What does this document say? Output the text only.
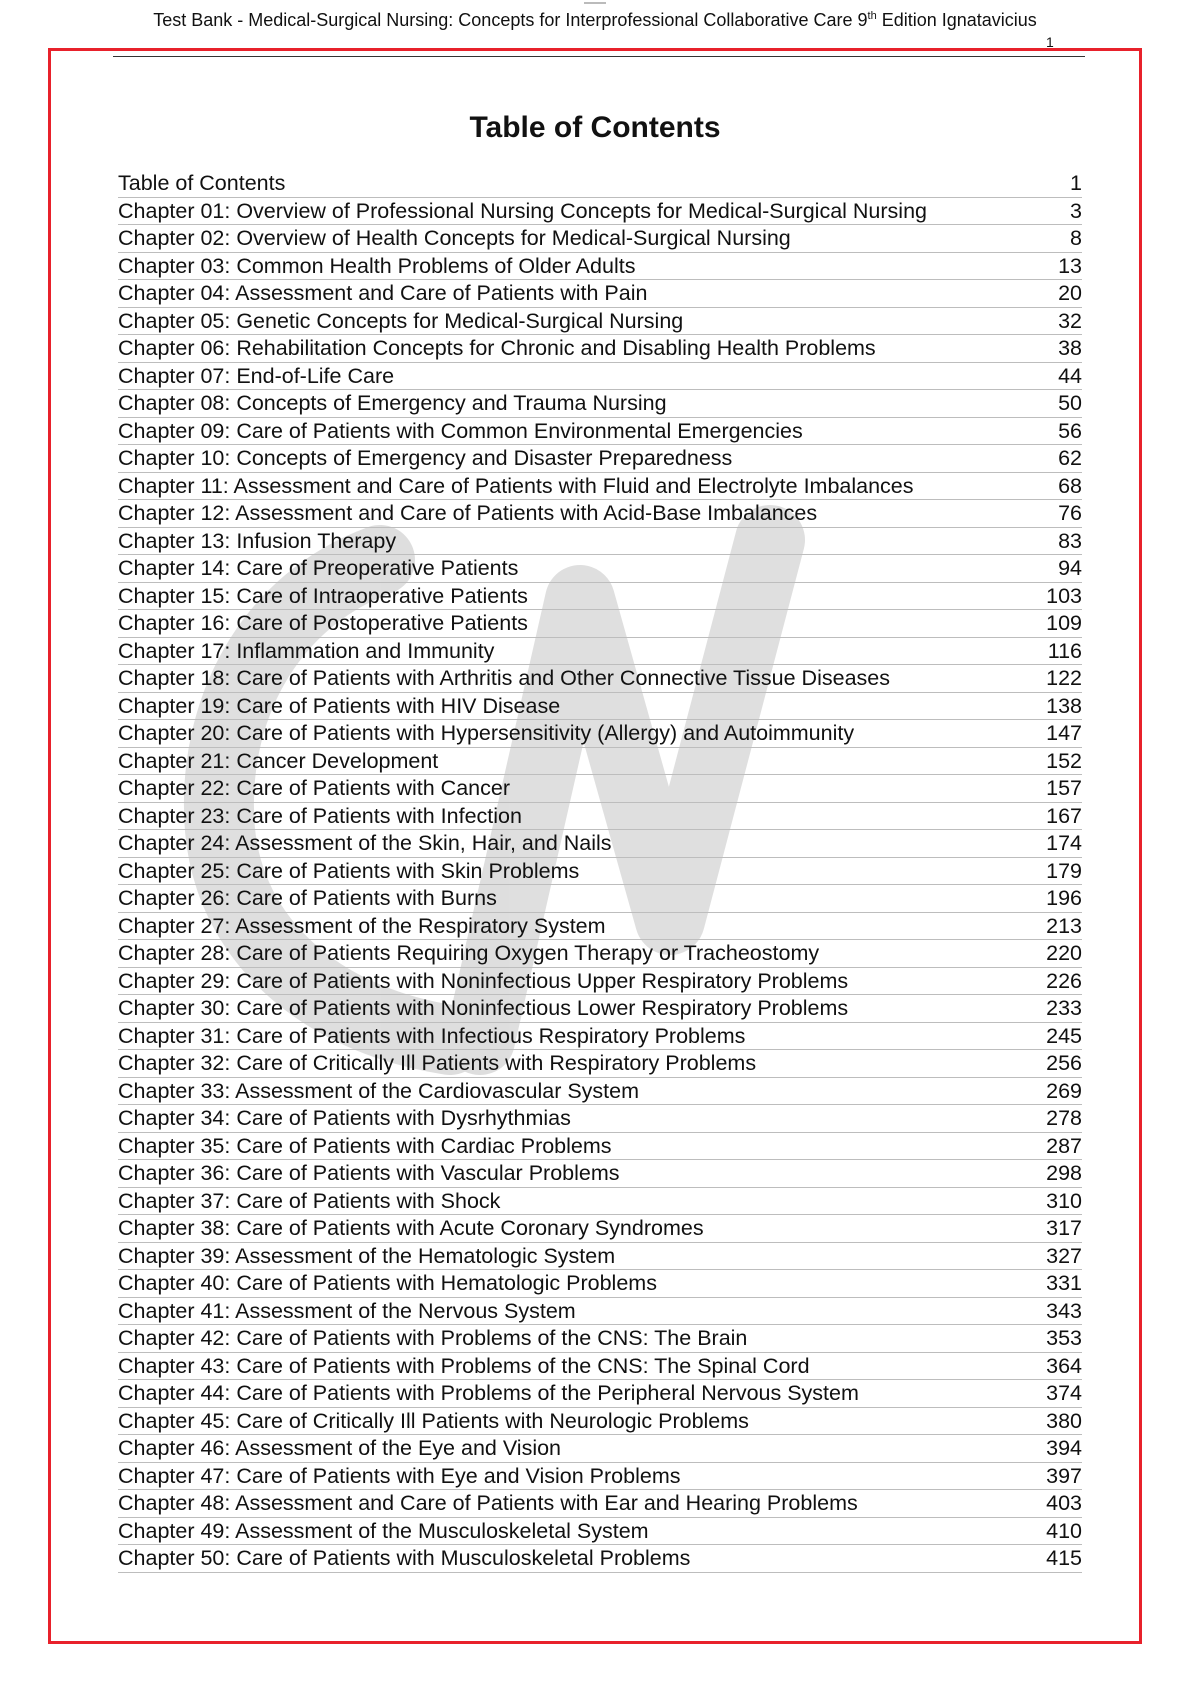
Test Bank - Medical-Surgical Nursing: Concepts for Interprofessional Collaborative Care 9th Edition Ignatavicius
1
Table of Contents
Table of Contents	1
Chapter 01: Overview of Professional Nursing Concepts for Medical-Surgical Nursing	3
Chapter 02: Overview of Health Concepts for Medical-Surgical Nursing	8
Chapter 03: Common Health Problems of Older Adults	13
Chapter 04: Assessment and Care of Patients with Pain	20
Chapter 05: Genetic Concepts for Medical-Surgical Nursing	32
Chapter 06: Rehabilitation Concepts for Chronic and Disabling Health Problems	38
Chapter 07: End-of-Life Care	44
Chapter 08: Concepts of Emergency and Trauma Nursing	50
Chapter 09: Care of Patients with Common Environmental Emergencies	56
Chapter 10: Concepts of Emergency and Disaster Preparedness	62
Chapter 11: Assessment and Care of Patients with Fluid and Electrolyte Imbalances	68
Chapter 12: Assessment and Care of Patients with Acid-Base Imbalances	76
Chapter 13: Infusion Therapy	83
Chapter 14: Care of Preoperative Patients	94
Chapter 15: Care of Intraoperative Patients	103
Chapter 16: Care of Postoperative Patients	109
Chapter 17: Inflammation and Immunity	116
Chapter 18: Care of Patients with Arthritis and Other Connective Tissue Diseases	122
Chapter 19: Care of Patients with HIV Disease	138
Chapter 20: Care of Patients with Hypersensitivity (Allergy) and Autoimmunity	147
Chapter 21: Cancer Development	152
Chapter 22: Care of Patients with Cancer	157
Chapter 23: Care of Patients with Infection	167
Chapter 24: Assessment of the Skin, Hair, and Nails	174
Chapter 25: Care of Patients with Skin Problems	179
Chapter 26: Care of Patients with Burns	196
Chapter 27: Assessment of the Respiratory System	213
Chapter 28: Care of Patients Requiring Oxygen Therapy or Tracheostomy	220
Chapter 29: Care of Patients with Noninfectious Upper Respiratory Problems	226
Chapter 30: Care of Patients with Noninfectious Lower Respiratory Problems	233
Chapter 31: Care of Patients with Infectious Respiratory Problems	245
Chapter 32: Care of Critically Ill Patients with Respiratory Problems	256
Chapter 33: Assessment of the Cardiovascular System	269
Chapter 34: Care of Patients with Dysrhythmias	278
Chapter 35: Care of Patients with Cardiac Problems	287
Chapter 36: Care of Patients with Vascular Problems	298
Chapter 37: Care of Patients with Shock	310
Chapter 38: Care of Patients with Acute Coronary Syndromes	317
Chapter 39: Assessment of the Hematologic System	327
Chapter 40: Care of Patients with Hematologic Problems	331
Chapter 41: Assessment of the Nervous System	343
Chapter 42: Care of Patients with Problems of the CNS: The Brain	353
Chapter 43: Care of Patients with Problems of the CNS: The Spinal Cord	364
Chapter 44: Care of Patients with Problems of the Peripheral Nervous System	374
Chapter 45: Care of Critically Ill Patients with Neurologic Problems	380
Chapter 46: Assessment of the Eye and Vision	394
Chapter 47: Care of Patients with Eye and Vision Problems	397
Chapter 48: Assessment and Care of Patients with Ear and Hearing Problems	403
Chapter 49: Assessment of the Musculoskeletal System	410
Chapter 50: Care of Patients with Musculoskeletal Problems	415
